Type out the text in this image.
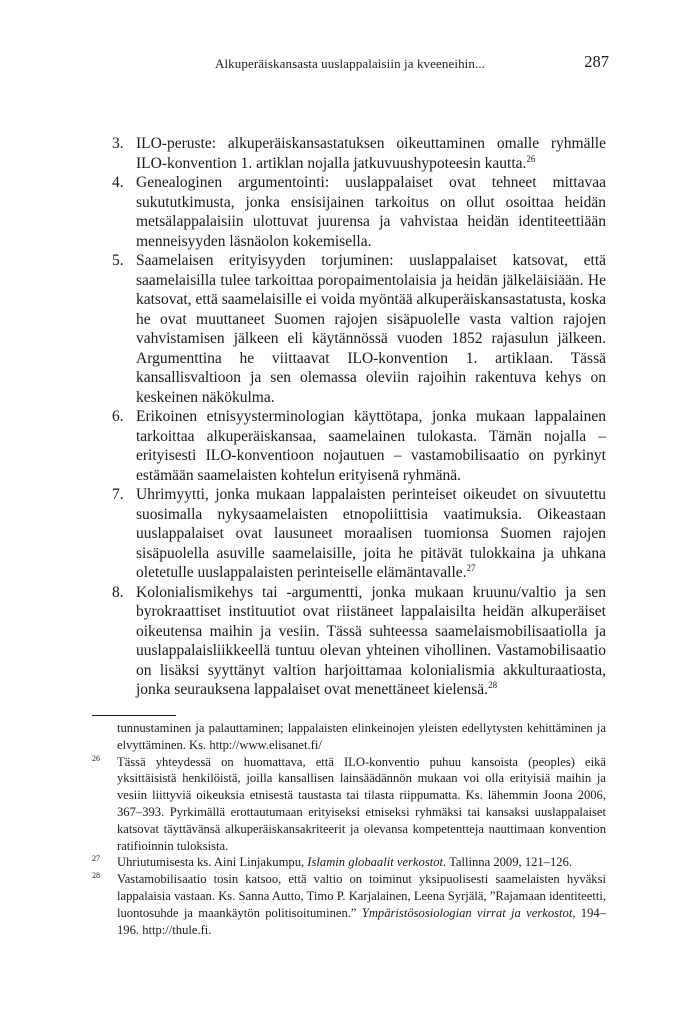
Alkuperäiskansasta uuslappalaisiin ja kveeneihin...	287
3. ILO-peruste: alkuperäiskansastatuksen oikeuttaminen omalle ryhmälle ILO-konvention 1. artiklan nojalla jatkuvuushypoteesin kautta.$^{26}$
4. Genealoginen argumentointi: uuslappalaiset ovat tehneet mittavaa sukututkimusta, jonka ensisijainen tarkoitus on ollut osoittaa heidän metsälappalaisiin ulottuvat juurensa ja vahvistaa heidän identiteettiään menneisyyden läsnäolon kokemisella.
5. Saamelaisen erityisyyden torjuminen: uuslappalaiset katsovat, että saamelaisilla tulee tarkoittaa poropaimentolaisia ja heidän jälkeläisiään. He katsovat, että saamelaisille ei voida myöntää alkuperäiskansastatusta, koska he ovat muuttaneet Suomen rajojen sisäpuolelle vasta valtion rajojen vahvistamisen jälkeen eli käytännössä vuoden 1852 rajasulun jälkeen. Argumenttina he viittaavat ILO-konvention 1. artiklaan. Tässä kansallisvaltioon ja sen olemassa oleviin rajoihin rakentuva kehys on keskeinen näkökulma.
6. Erikoinen etnisyysterminologian käyttötapa, jonka mukaan lappalainen tarkoittaa alkuperäiskansaa, saamelainen tulokasta. Tämän nojalla – erityisesti ILO-konventioon nojautuen – vastamobilisaatio on pyrkinyt estämään saamelaisten kohtelun erityisenä ryhmänä.
7. Uhrimyytti, jonka mukaan lappalaisten perinteiset oikeudet on sivuutettu suosimalla nykysaamelaisten etnopoliittisia vaatimuksia. Oikeastaan uuslappalaiset ovat lausuneet moraalisen tuomionsa Suomen rajojen sisäpuolella asuville saamelaisille, joita he pitävät tulokkaina ja uhkana oletetulle uuslappalaisten perinteiselle elämäntavalle.$^{27}$
8. Kolonialismikehys tai -argumentti, jonka mukaan kruunu/valtio ja sen byrokraattiset instituutiot ovat riistäneet lappalaisilta heidän alkuperäiset oikeutensa maihin ja vesiin. Tässä suhteessa saamelaismobilisaatiolla ja uuslappalaisliikkeellä tuntuu olevan yhteinen vihollinen. Vastamobilisaatio on lisäksi syyttänyt valtion harjoittamaa kolonialismia akkulturaatiosta, jonka seurauksena lappalaiset ovat menettäneet kielensä.$^{28}$
tunnustaminen ja palauttaminen; lappalaisten elinkeinojen yleisten edellytysten kehittäminen ja elvyttäminen. Ks. http://www.elisanet.fi/
26 Tässä yhteydessä on huomattava, että ILO-konventio puhuu kansoista (peoples) eikä yksittäisistä henkilöistä, joilla kansallisen lainsäädännön mukaan voi olla erityisiä maihin ja vesiin liittyviä oikeuksia etnisestä taustasta tai tilasta riippumatta. Ks. lähemmin Joona 2006, 367–393. Pyrkimällä erottautumaan erityiseksi etniseksi ryhmäksi tai kansaksi uuslappalaiset katsovat täyttävänsä alkuperäiskansakriteerit ja olevansa kompetentteja nauttimaan konvention ratifioinnin tuloksista.
27 Uhriutumisesta ks. Aini Linjakumpu, Islamin globaalit verkostot. Tallinna 2009, 121–126.
28 Vastamobilisaatio tosin katsoo, että valtio on toiminut yksipuolisesti saamelaisten hyväksi lappalaisia vastaan. Ks. Sanna Autto, Timo P. Karjalainen, Leena Syrjälä, ”Rajamaan identiteetti, luontosuhde ja maankäytön politisoituminen.” Ympäristösosiologian virrat ja verkostot, 194–196. http://thule.fi.
